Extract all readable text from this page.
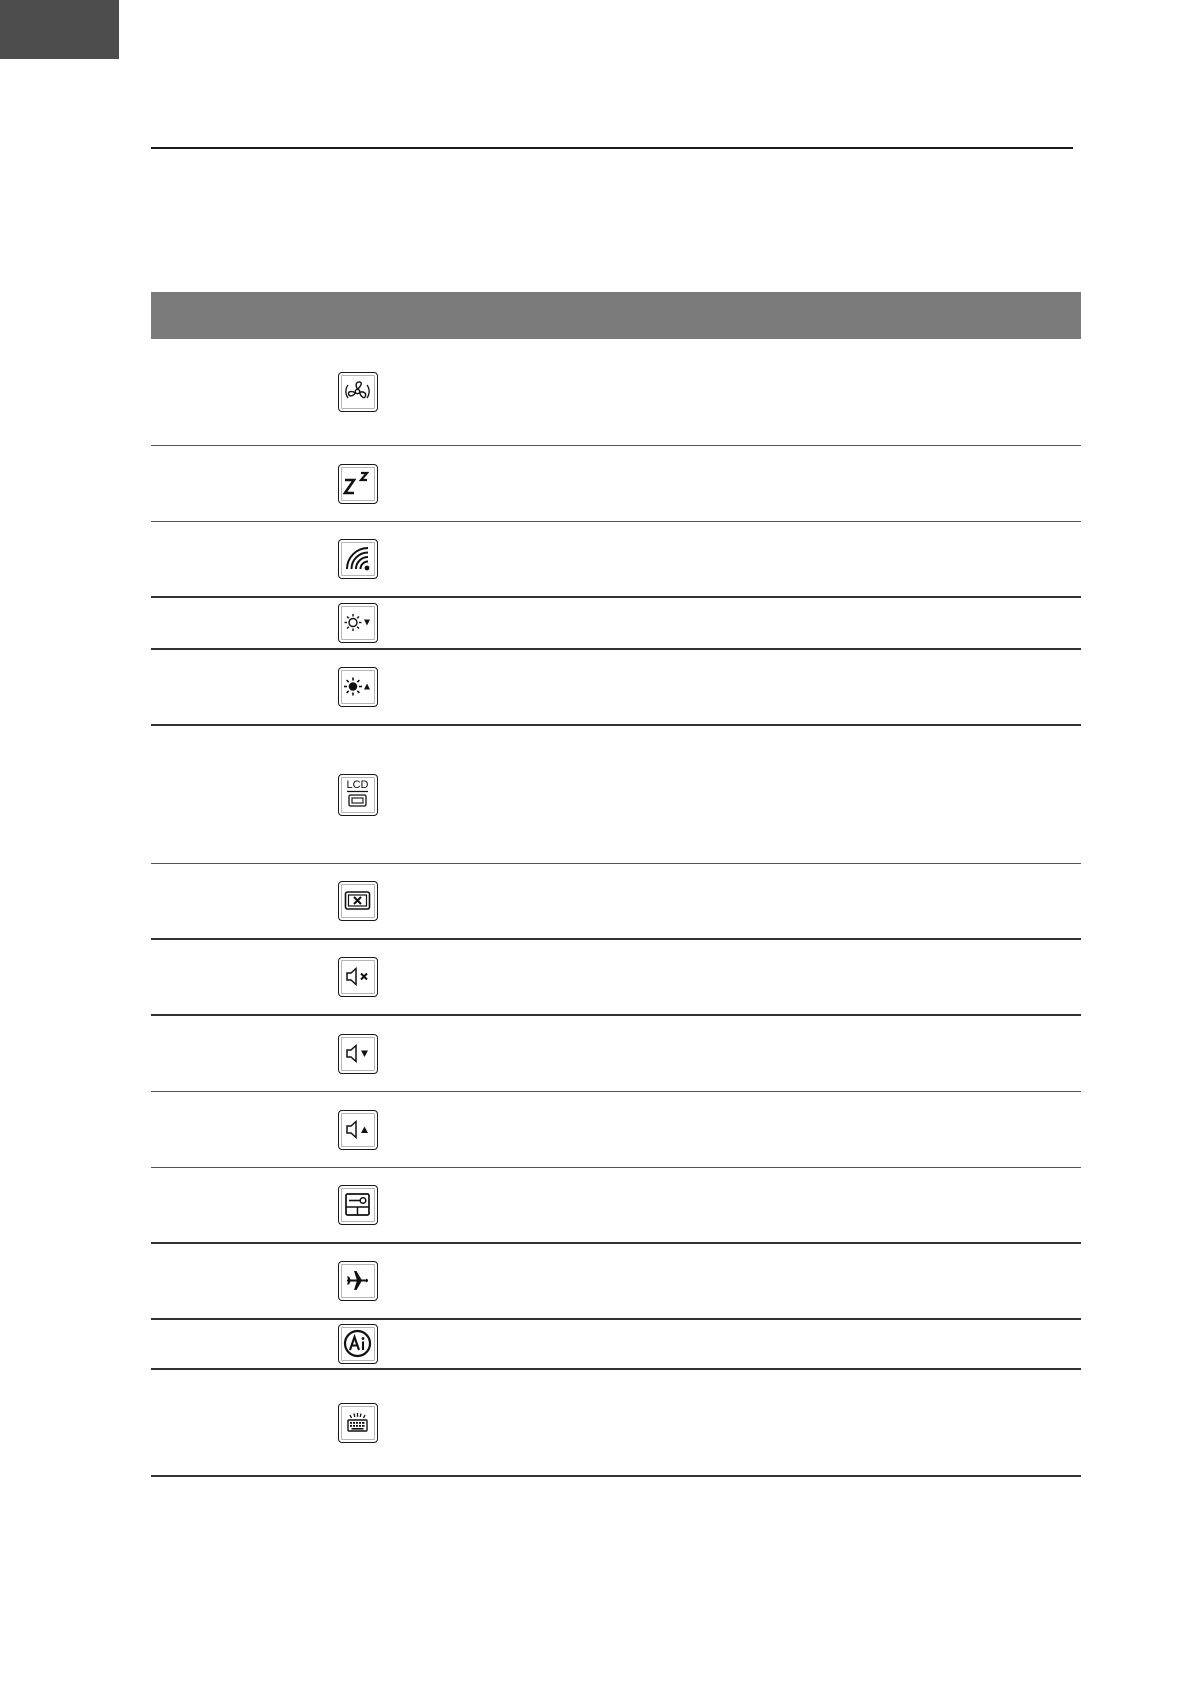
LCD
